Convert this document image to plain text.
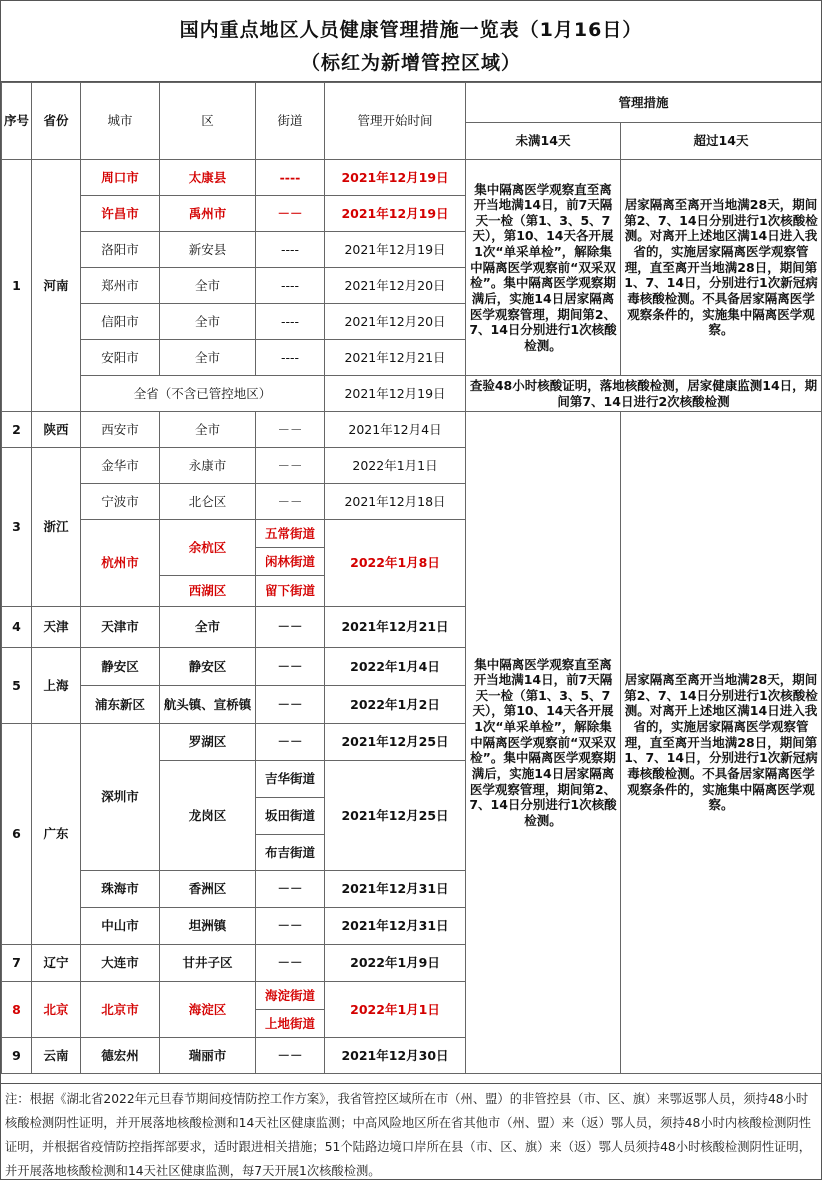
国内重点地区人员健康管理措施一览表（1月16日）
（标红为新增管控区域）
序号	省份	城市	区	街道	管理开始时间	管理措施	
						未满14天	超过14天
1	河南	周口市	太康县	----	2021年12月19日	集中隔离医学观察直至离开当地满14日，前7天隔天一检（第1、3、5、7天），第10、14天各开展1次“单采单检”，解除集中隔离医学观察前“双采双检”。集中隔离医学观察期满后，实施14日居家隔离医学观察管理，期间第2、7、14日分别进行1次核酸检测。	居家隔离至离开当地满28天，期间第2、7、14日分别进行1次核酸检测。对离开上述地区满14日进入我省的，实施居家隔离医学观察管理，直至离开当地满28日，期间第1、7、14日，分别进行1次新冠病毒核酸检测。不具备居家隔离医学观察条件的，实施集中隔离医学观察。
		许昌市	禹州市	－－	2021年12月19日		
		洛阳市	新安县	----	2021年12月19日		
		郑州市	全市	----	2021年12月20日		
		信阳市	全市	----	2021年12月20日		
		安阳市	全市	----	2021年12月21日		
		全省（不含已管控地区）			2021年12月19日	查验48小时核酸证明，落地核酸检测，居家健康监测14日，期间第7、14日进行2次核酸检测	
2	陕西	西安市	全市	－－	2021年12月4日	集中隔离医学观察直至离开当地满14日，前7天隔天一检（第1、3、5、7天），第10、14天各开展1次“单采单检”，解除集中隔离医学观察前“双采双检”。集中隔离医学观察期满后，实施14日居家隔离医学观察管理，期间第2、7、14日分别进行1次核酸检测。	居家隔离至离开当地满28天，期间第2、7、14日分别进行1次核酸检测。对离开上述地区满14日进入我省的，实施居家隔离医学观察管理，直至离开当地满28日，期间第1、7、14日，分别进行1次新冠病毒核酸检测。不具备居家隔离医学观察条件的，实施集中隔离医学观察。
3	浙江	金华市	永康市	－－	2022年1月1日		
		宁波市	北仑区	－－	2021年12月18日		
		杭州市	余杭区	五常街道	2022年1月8日		
				闲林街道			
			西湖区	留下街道			
4	天津	天津市	全市	－－	2021年12月21日		
5	上海	静安区	静安区	－－	2022年1月4日		
		浦东新区	航头镇、宣桥镇	－－	2022年1月2日		
6	广东	深圳市	罗湖区	－－	2021年12月25日		
			龙岗区	吉华街道	2021年12月25日		
				坂田街道			
				布吉街道			
		珠海市	香洲区	－－	2021年12月31日		
		中山市	坦洲镇	－－	2021年12月31日		
7	辽宁	大连市	甘井子区	－－	2022年1月9日		
8	北京	北京市	海淀区	海淀街道	2022年1月1日		
				上地街道			
9	云南	德宏州	瑞丽市	－－	2021年12月30日		
注：根据《湖北省2022年元旦春节期间疫情防控工作方案》，我省管控区域所在市（州、盟）的非管控县（市、区、旗）来鄂返鄂人员，须持48小时核酸检测阴性证明，并开展落地核酸检测和14天社区健康监测；中高风险地区所在省其他市（州、盟）来（返）鄂人员，须持48小时内核酸检测阴性证明，并根据省疫情防控指挥部要求，适时跟进相关措施；51个陆路边境口岸所在县（市、区、旗）来（返）鄂人员须持48小时核酸检测阴性证明，并开展落地核酸检测和14天社区健康监测，每7天开展1次核酸检测。
